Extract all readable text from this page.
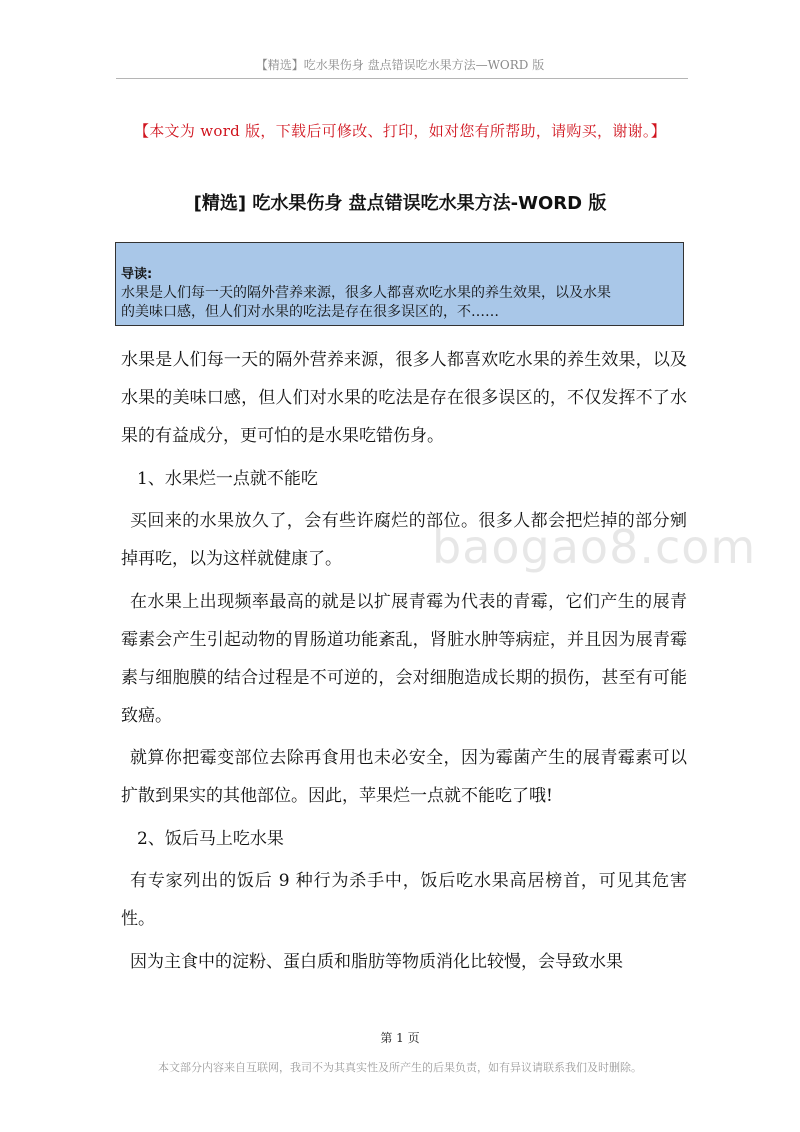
【精选】吃水果伤身 盘点错误吃水果方法—WORD 版
【本文为 word 版，下载后可修改、打印，如对您有所帮助，请购买，谢谢。】
[精选] 吃水果伤身 盘点错误吃水果方法-WORD 版
导读:
水果是人们每一天的隔外营养来源，很多人都喜欢吃水果的养生效果，以及水果
的美味口感，但人们对水果的吃法是存在很多误区的，不……
baogao8.com

水果是人们每一天的隔外营养来源，很多人都喜欢吃水果的养生效果，以及水果的美味口感，但人们对水果的吃法是存在很多误区的，不仅发挥不了水果的有益成分，更可怕的是水果吃错伤身。

1、水果烂一点就不能吃

买回来的水果放久了，会有些许腐烂的部位。很多人都会把烂掉的部分剜掉再吃，以为这样就健康了。

在水果上出现频率最高的就是以扩展青霉为代表的青霉，它们产生的展青霉素会产生引起动物的胃肠道功能紊乱，肾脏水肿等病症，并且因为展青霉素与细胞膜的结合过程是不可逆的，会对细胞造成长期的损伤，甚至有可能致癌。

就算你把霉变部位去除再食用也未必安全，因为霉菌产生的展青霉素可以扩散到果实的其他部位。因此，苹果烂一点就不能吃了哦!

2、饭后马上吃水果

有专家列出的饭后 9 种行为杀手中，饭后吃水果高居榜首，可见其危害性。

因为主食中的淀粉、蛋白质和脂肪等物质消化比较慢，会导致水果

第 1 页
本文部分内容来自互联网，我司不为其真实性及所产生的后果负责，如有异议请联系我们及时删除。
